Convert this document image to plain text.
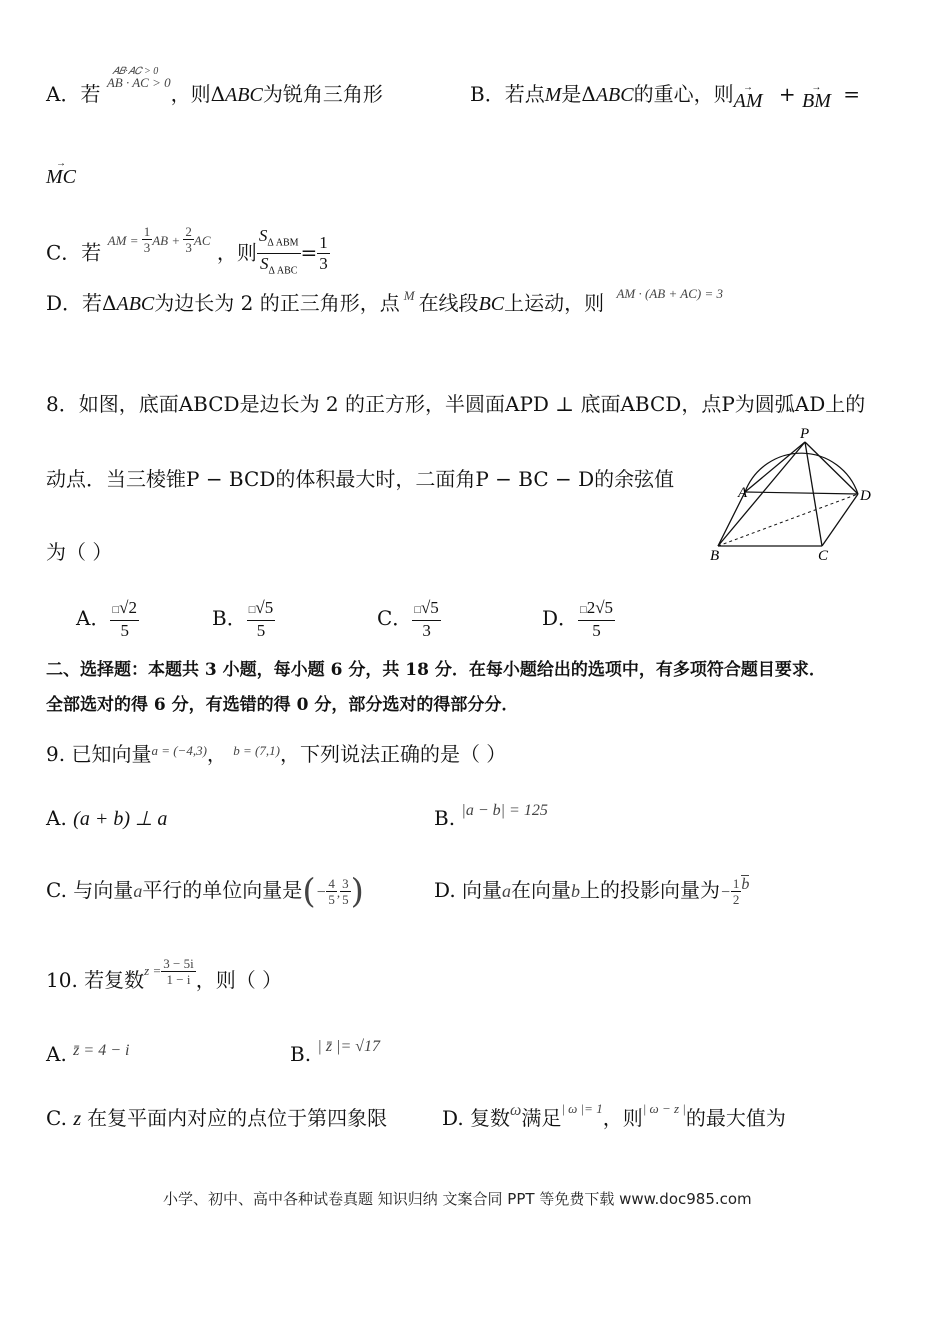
A．若 $^{AB \cdot AC > 0}$，则ΔABC为锐角三角形
𝐴𝐵·𝐴𝐶 > 0
B．若点M是ΔABC的重心，则→ AM + → BM =
→ MC
C．若 AM = $\frac{1}{3}$ AB + $\frac{2}{3}$ AC ，则 $\frac{S_{\Delta ABM}}{S_{\Delta ABC}} = \frac{1}{3}$
D．若ΔABC为边长为 2 的正三角形，点 $^M$ 在线段BC上运动，则 $^{AM \cdot (AB + AC) = 3}$
8．如图，底面ABCD是边长为 2 的正方形，半圆面APD ⊥ 底面ABCD，点P为圆弧AD上的
动点．当三棱锥P − BCD的体积最大时，二面角P − BC − D的余弦值
为（ ）
P
A	D
B	C
A． $\frac{□√2}{5}$	B． $\frac{□√5}{5}$	C． $\frac{□√5}{3}$	D． $\frac{□2√5}{5}$
二、选择题：本题共 3 小题，每小题 6 分，共 18 分．在每小题给出的选项中，有多项符合题目要求．
全部选对的得 6 分，有选错的得 0 分，部分选对的得部分分．
9. 已知向量$^{a = (-4,3)}$， $^{b = (7,1)}$，下列说法正确的是（ ）
A. (a + b) ⊥ a	B. $^{|a - b| = 125}$
C. 与向量a平行的单位向量是(− $\frac{4}{5}$ , $\frac{3}{5}$ )	D. 向量a在向量b上的投影向量为− $\frac{1}{2} ^b$
10. 若复数$^{z =} \frac{3 - 5i}{1 - i}$ ，则（ ）
A. $^{z̄ = 4 - i}$	B. $^{| z̄ |= √17}$
C. z 在复平面内对应的点位于第四象限	D. 复数$^\omega$满足$^{| \omega |= 1}$，则$^{| \omega - z |}$的最大值为
小学、初中、高中各种试卷真题 知识归纳 文案合同 PPT 等免费下载 www.doc985.com
